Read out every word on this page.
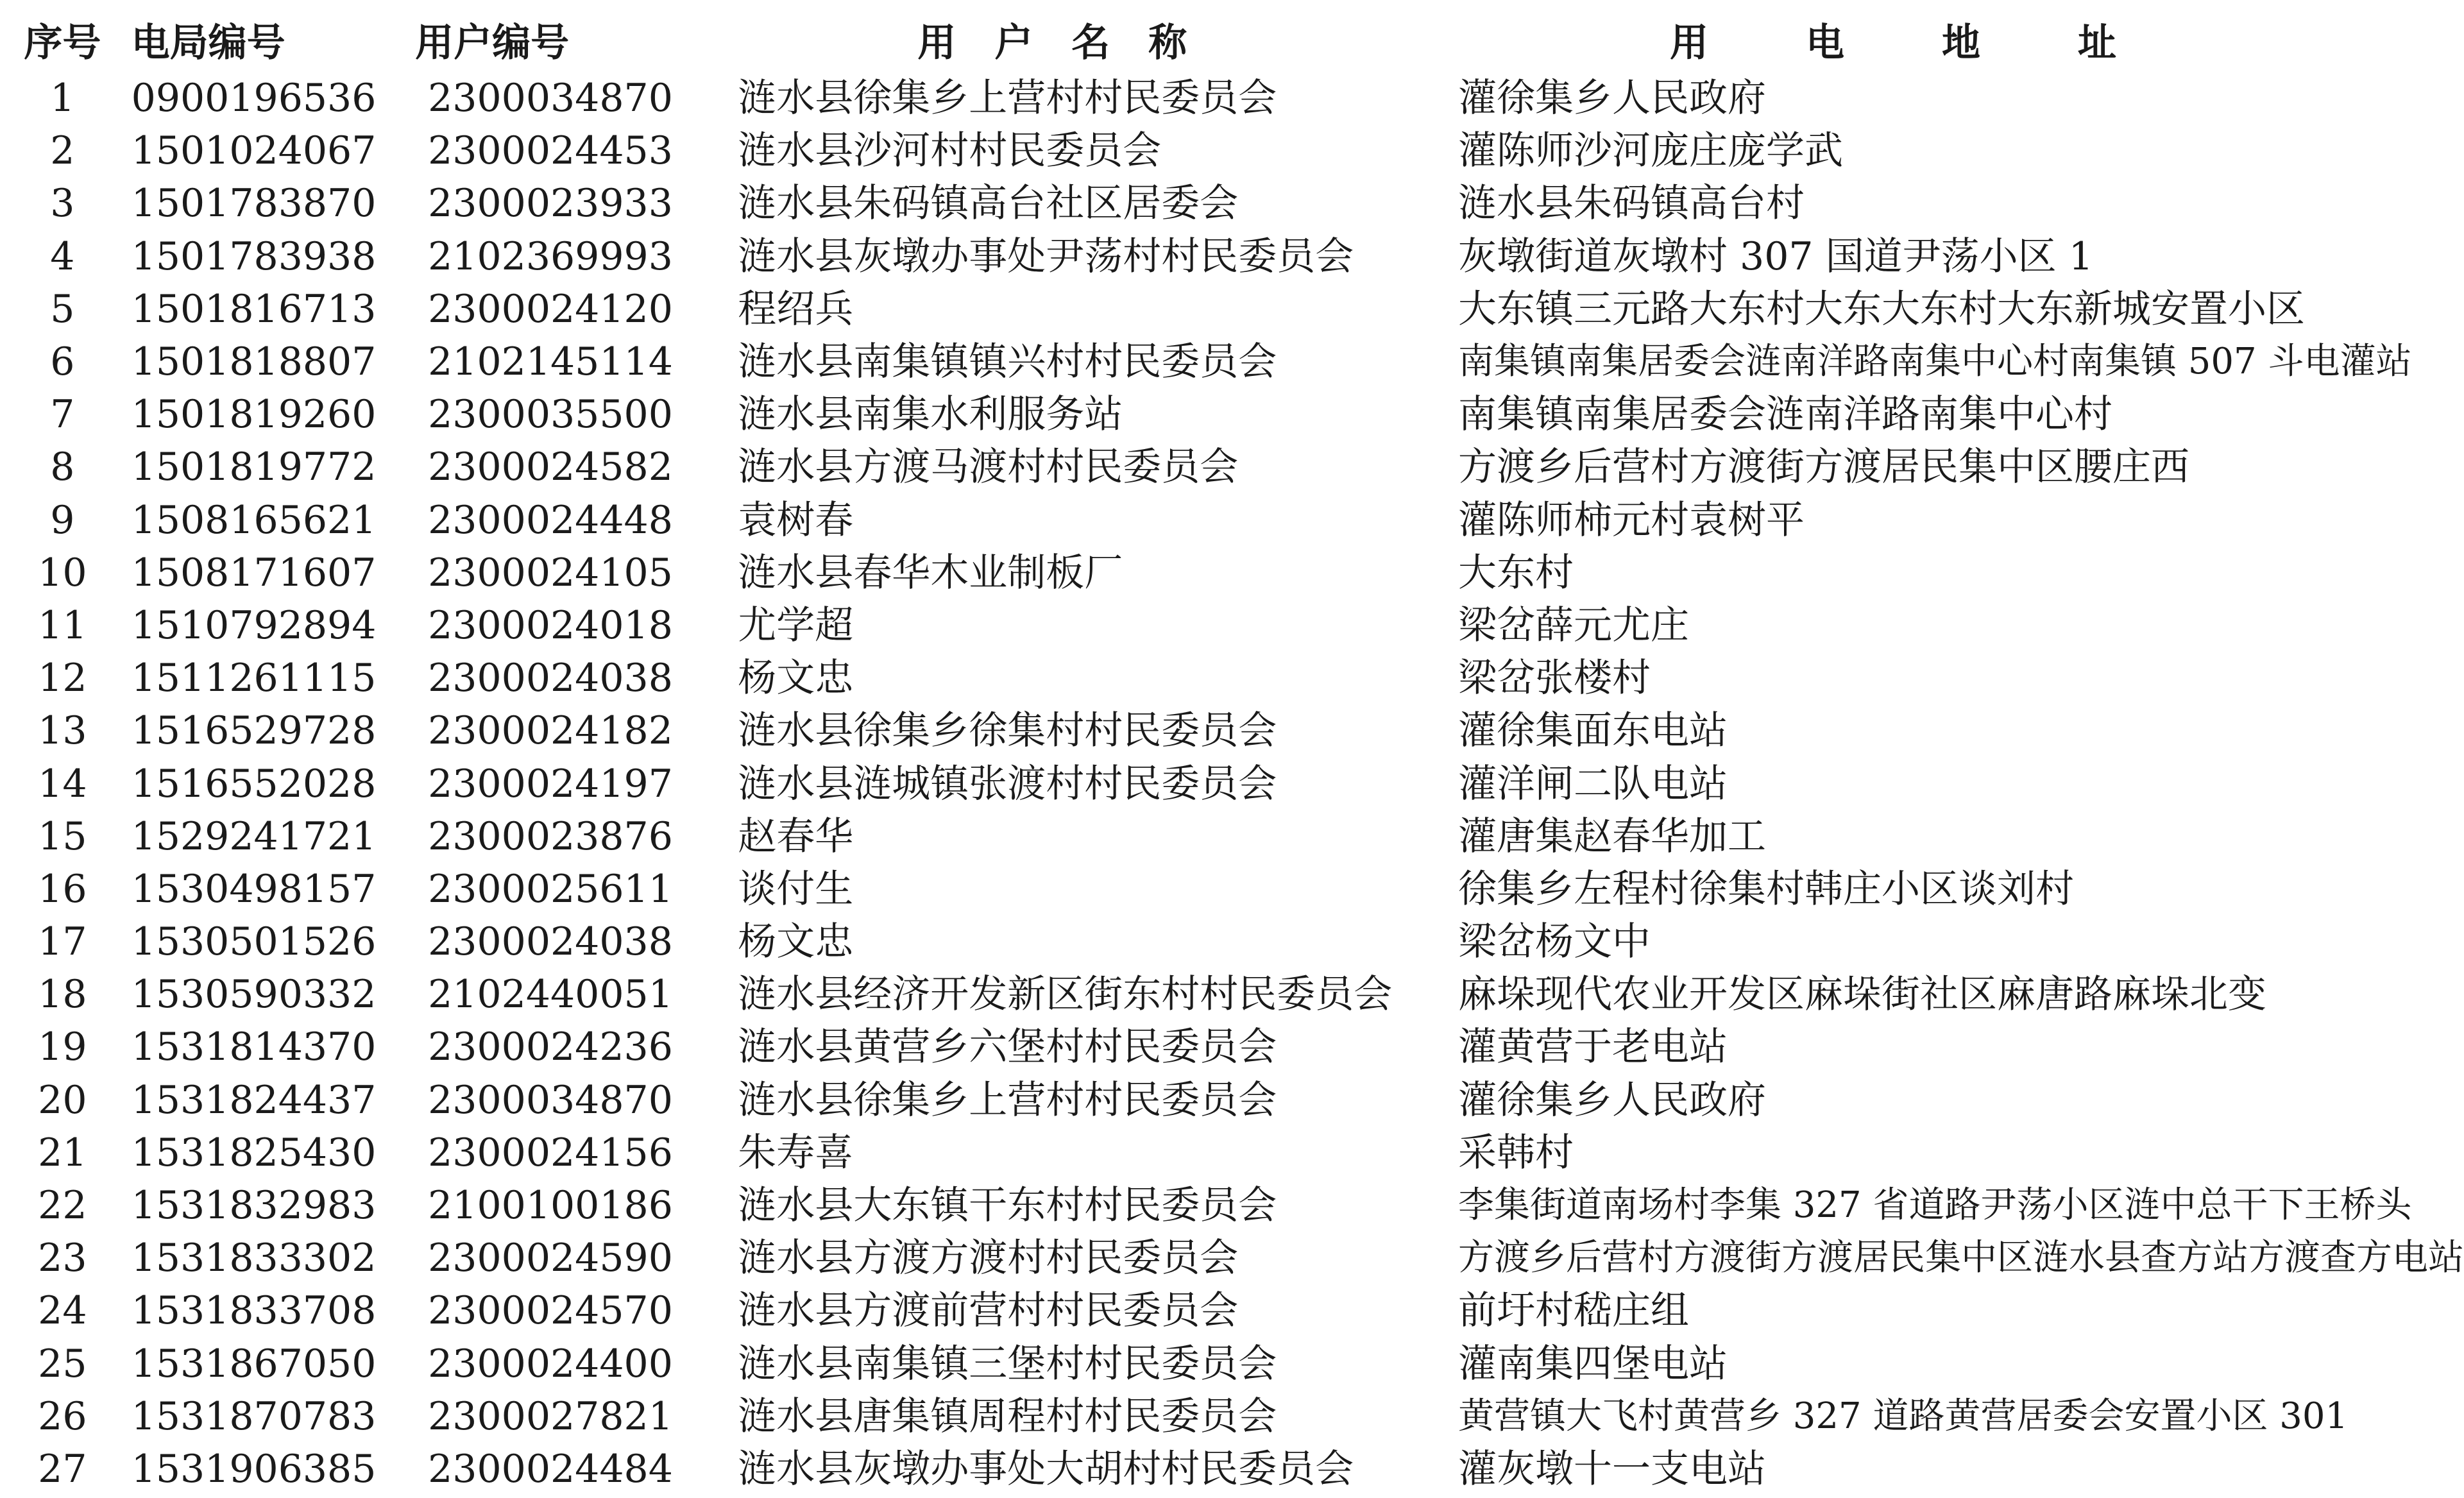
序号	电局编号	用户编号	用户名称	用电地址
1	0900196536	2300034870	涟水县徐集乡上营村村民委员会	灌徐集乡人民政府
2	1501024067	2300024453	涟水县沙河村村民委员会	灌陈师沙河庞庄庞学武
3	1501783870	2300023933	涟水县朱码镇高台社区居委会	涟水县朱码镇高台村
4	1501783938	2102369993	涟水县灰墩办事处尹荡村村民委员会	灰墩街道灰墩村 307 国道尹荡小区 1
5	1501816713	2300024120	程绍兵	大东镇三元路大东村大东大东村大东新城安置小区
6	1501818807	2102145114	涟水县南集镇镇兴村村民委员会	南集镇南集居委会涟南洋路南集中心村南集镇 507 斗电灌站
7	1501819260	2300035500	涟水县南集水利服务站	南集镇南集居委会涟南洋路南集中心村
8	1501819772	2300024582	涟水县方渡马渡村村民委员会	方渡乡后营村方渡街方渡居民集中区腰庄西
9	1508165621	2300024448	袁树春	灌陈师柿元村袁树平
10	1508171607	2300024105	涟水县春华木业制板厂	大东村
11	1510792894	2300024018	尤学超	梁岔薛元尤庄
12	1511261115	2300024038	杨文忠	梁岔张楼村
13	1516529728	2300024182	涟水县徐集乡徐集村村民委员会	灌徐集面东电站
14	1516552028	2300024197	涟水县涟城镇张渡村村民委员会	灌洋闸二队电站
15	1529241721	2300023876	赵春华	灌唐集赵春华加工
16	1530498157	2300025611	谈付生	徐集乡左程村徐集村韩庄小区谈刘村
17	1530501526	2300024038	杨文忠	梁岔杨文中
18	1530590332	2102440051	涟水县经济开发新区街东村村民委员会	麻垛现代农业开发区麻垛街社区麻唐路麻垛北变
19	1531814370	2300024236	涟水县黄营乡六堡村村民委员会	灌黄营于老电站
20	1531824437	2300034870	涟水县徐集乡上营村村民委员会	灌徐集乡人民政府
21	1531825430	2300024156	朱寿喜	采韩村
22	1531832983	2100100186	涟水县大东镇干东村村民委员会	李集街道南场村李集 327 省道路尹荡小区涟中总干下王桥头
23	1531833302	2300024590	涟水县方渡方渡村村民委员会	方渡乡后营村方渡街方渡居民集中区涟水县查方站方渡查方电站
24	1531833708	2300024570	涟水县方渡前营村村民委员会	前圩村嵇庄组
25	1531867050	2300024400	涟水县南集镇三堡村村民委员会	灌南集四堡电站
26	1531870783	2300027821	涟水县唐集镇周程村村民委员会	黄营镇大飞村黄营乡 327 道路黄营居委会安置小区 301
27	1531906385	2300024484	涟水县灰墩办事处大胡村村民委员会	灌灰墩十一支电站
